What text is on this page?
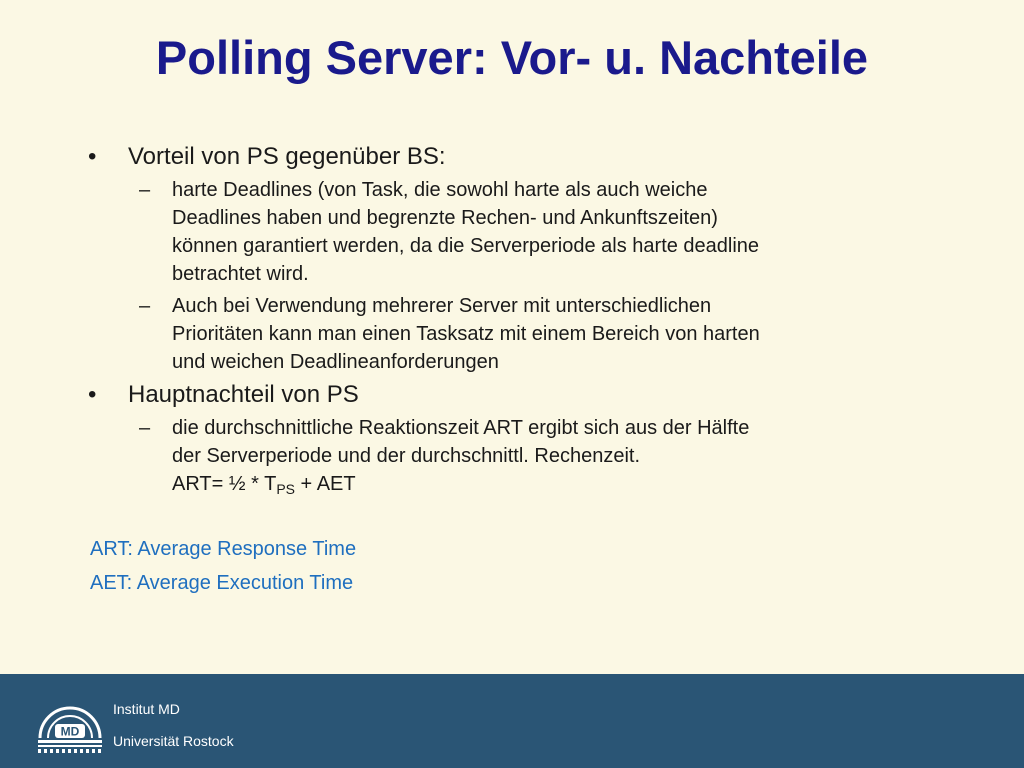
Polling Server: Vor- u. Nachteile
• Vorteil von PS gegenüber BS:
– harte Deadlines (von Task, die sowohl harte als auch weiche
Deadlines haben und begrenzte Rechen- und Ankunftszeiten)
können garantiert werden, da die Serverperiode als harte deadline
betrachtet wird.
– Auch bei Verwendung mehrerer Server mit unterschiedlichen
Prioritäten kann man einen Tasksatz mit einem Bereich von harten
und weichen Deadlineanforderungen
• Hauptnachteil von PS
– die durchschnittliche Reaktionszeit ART ergibt sich aus der Hälfte
der Serverperiode und der durchschnittl. Rechenzeit.
ART= ½ * $T_{PS}$ + AET
ART: Average Response Time
AET: Average Execution Time
MD
Institut MD
Universität Rostock
